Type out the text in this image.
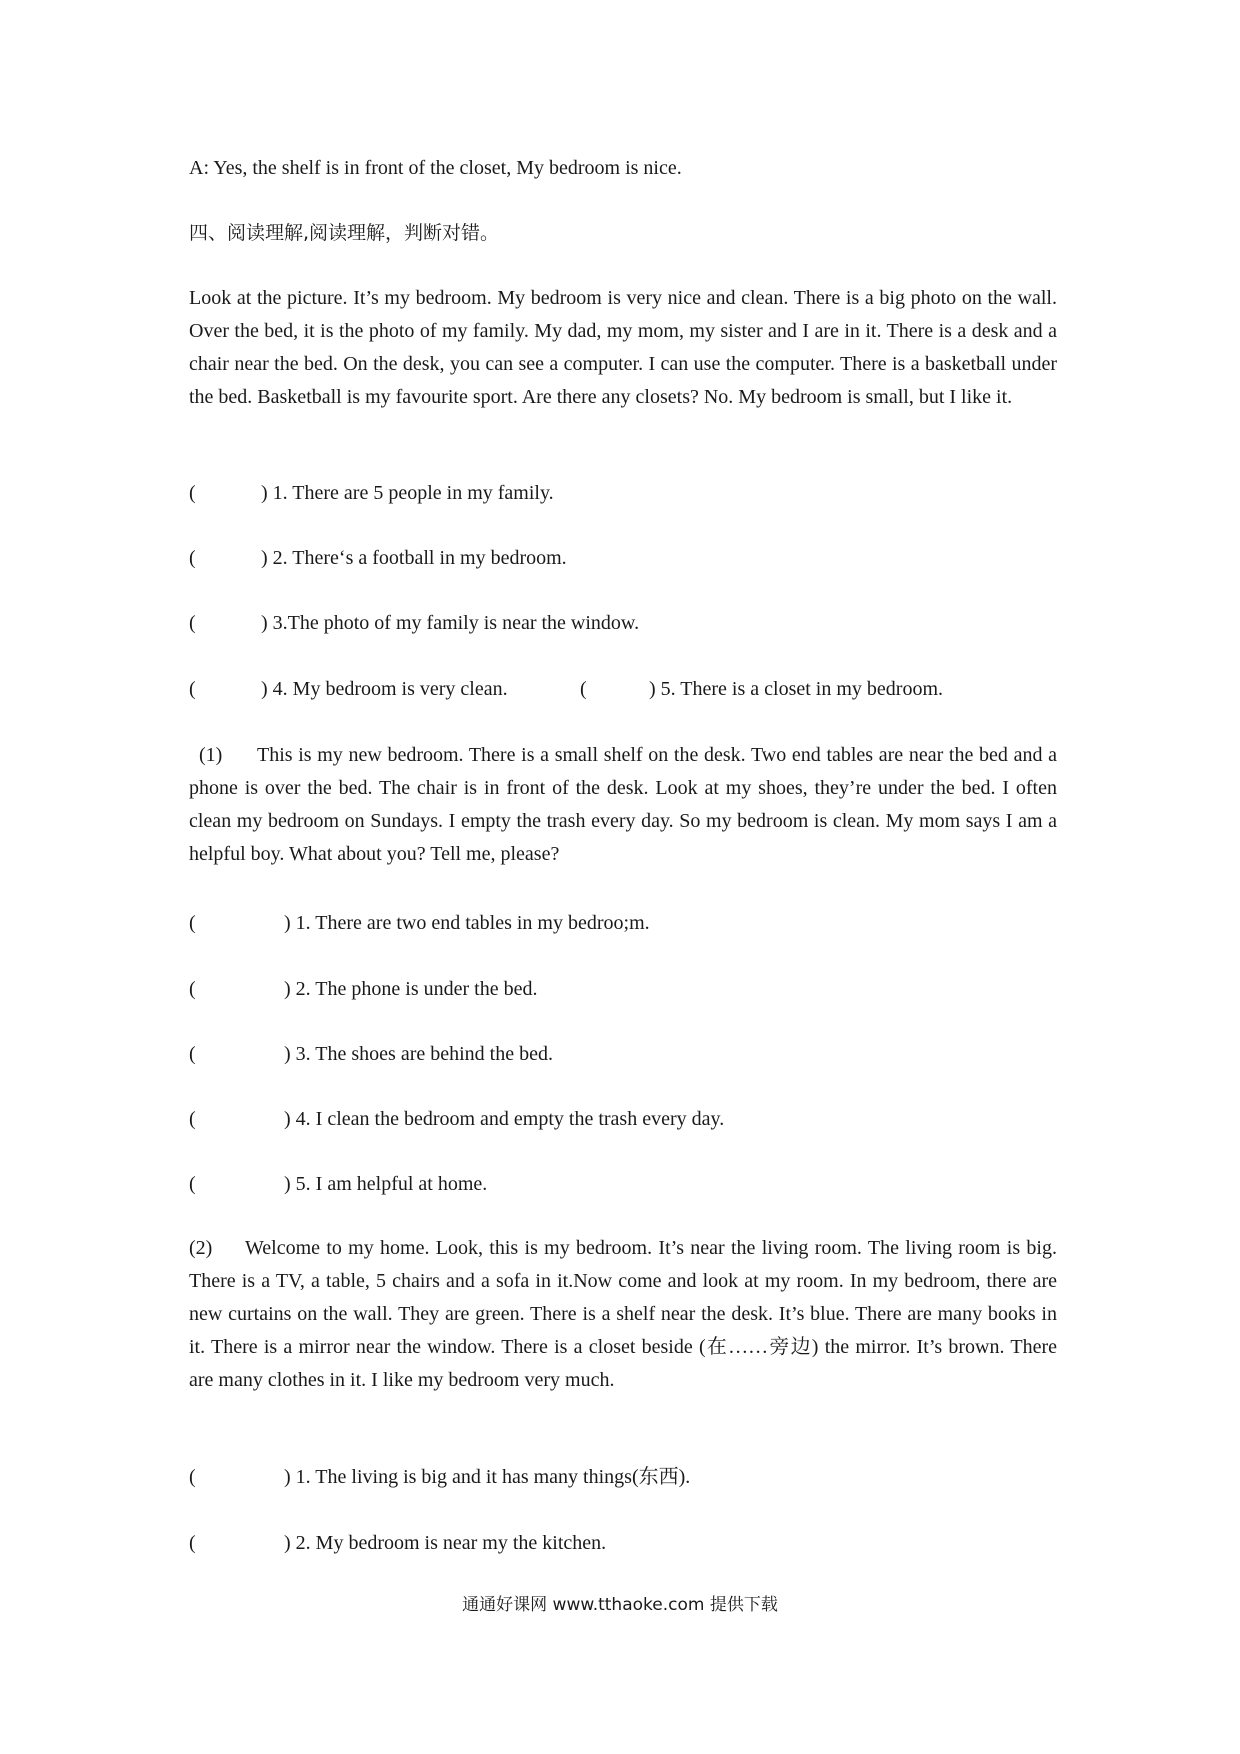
A: Yes, the shelf is in front of the closet, My bedroom is nice.
四、阅读理解,阅读理解，判断对错。
Look at the picture. It’s my bedroom. My bedroom is very nice and clean. There is a big photo on the wall. Over the bed, it is the photo of my family. My dad, my mom, my sister and I are in it. There is a desk and a chair near the bed. On the desk, you can see a computer. I can use the computer. There is a basketball under the bed. Basketball is my favourite sport. Are there any closets? No. My bedroom is small, but I like it.
(	) 1. There are 5 people in my family.
(	) 2. There‘s a football in my bedroom.
(	) 3.The photo of my family is near the window.
(	) 4. My bedroom is very clean.	(	) 5. There is a closet in my bedroom.
(1) This is my new bedroom. There is a small shelf on the desk. Two end tables are near the bed and a phone is over the bed. The chair is in front of the desk. Look at my shoes, they’re under the bed. I often clean my bedroom on Sundays. I empty the trash every day. So my bedroom is clean. My mom says I am a helpful boy. What about you? Tell me, please?
(	) 1. There are two end tables in my bedroo;m.
(	) 2. The phone is under the bed.
(	) 3. The shoes are behind the bed.
(	) 4. I clean the bedroom and empty the trash every day.
(	) 5. I am helpful at home.
(2) Welcome to my home. Look, this is my bedroom. It’s near the living room. The living room is big. There is a TV, a table, 5 chairs and a sofa in it.Now come and look at my room. In my bedroom, there are new curtains on the wall. They are green. There is a shelf near the desk. It’s blue. There are many books in it. There is a mirror near the window. There is a closet beside (在……旁边) the mirror. It’s brown. There are many clothes in it. I like my bedroom very much.
(	) 1. The living is big and it has many things(东西).
(	) 2. My bedroom is near my the kitchen.
通通好课网 www.tthaoke.com 提供下载
